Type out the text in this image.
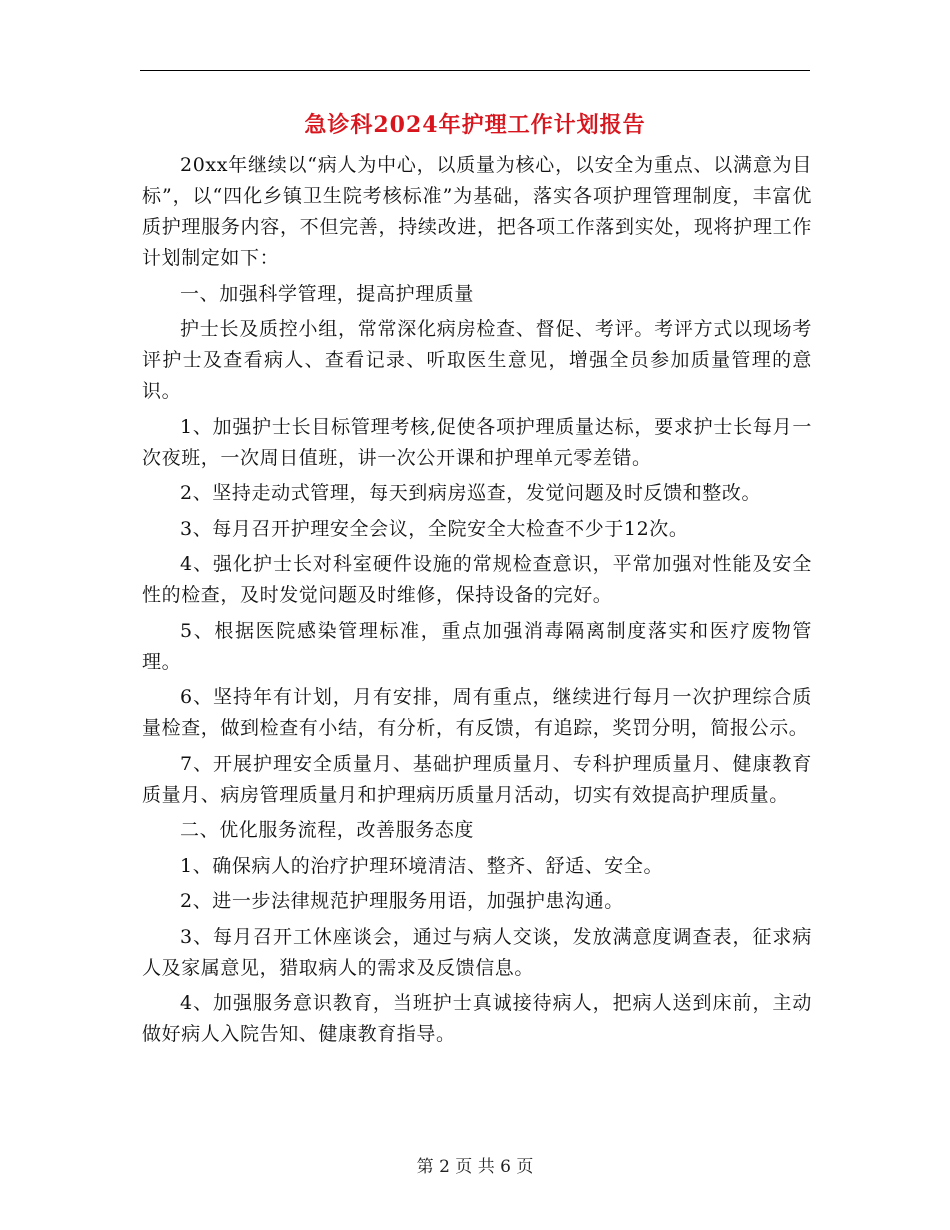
急诊科2024年护理工作计划报告

20xx年继续以“病人为中心，以质量为核心，以安全为重点、以满意为目标”，以“四化乡镇卫生院考核标准”为基础，落实各项护理管理制度，丰富优质护理服务内容，不但完善，持续改进，把各项工作落到实处，现将护理工作计划制定如下：

一、加强科学管理，提高护理质量

护士长及质控小组，常常深化病房检查、督促、考评。考评方式以现场考评护士及查看病人、查看记录、听取医生意见，增强全员参加质量管理的意识。

1、加强护士长目标管理考核,促使各项护理质量达标，要求护士长每月一次夜班，一次周日值班，讲一次公开课和护理单元零差错。

2、坚持走动式管理，每天到病房巡查，发觉问题及时反馈和整改。

3、每月召开护理安全会议，全院安全大检查不少于12次。

4、强化护士长对科室硬件设施的常规检查意识，平常加强对性能及安全性的检查，及时发觉问题及时维修，保持设备的完好。

5、根据医院感染管理标准，重点加强消毒隔离制度落实和医疗废物管理。

6、坚持年有计划，月有安排，周有重点，继续进行每月一次护理综合质量检查，做到检查有小结，有分析，有反馈，有追踪，奖罚分明，简报公示。

7、开展护理安全质量月、基础护理质量月、专科护理质量月、健康教育质量月、病房管理质量月和护理病历质量月活动，切实有效提高护理质量。

二、优化服务流程，改善服务态度

1、确保病人的治疗护理环境清洁、整齐、舒适、安全。

2、进一步法律规范护理服务用语，加强护患沟通。

3、每月召开工休座谈会，通过与病人交谈，发放满意度调查表，征求病人及家属意见，猎取病人的需求及反馈信息。

4、加强服务意识教育，当班护士真诚接待病人，把病人送到床前，主动做好病人入院告知、健康教育指导。

第 2 页 共 6 页
